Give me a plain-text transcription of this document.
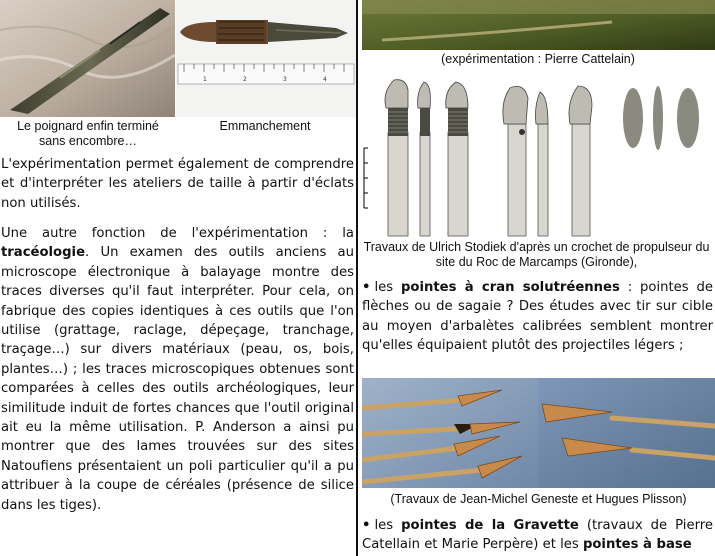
1	2	3	4
Le poignard enfin terminé sans encombre…
Emmanchement

L'expérimentation permet également de comprendre et d'interpréter les ateliers de taille à partir d'éclats non utilisés.

Une autre fonction de l'expérimentation : la tracéologie. Un examen des outils anciens au microscope électronique à balayage montre des traces diverses qu'il faut interpréter. Pour cela, on fabrique des copies identiques à ces outils que l'on utilise (grattage, raclage, dépeçage, tranchage, traçage…) sur divers matériaux (peau, os, bois, plantes…) ; les traces microscopiques obtenues sont comparées à celles des outils archéologiques, leur similitude induit de fortes chances que l'outil original ait eu la même utilisation. P. Anderson a ainsi pu montrer que des lames trouvées sur des sites Natoufiens présentaient un poli particulier qu'il a pu attribuer à la coupe de céréales (présence de silice dans les tiges).

(expérimentation : Pierre Cattelain)
Travaux de Ulrich Stodiek d'après un crochet de propulseur du site du Roc de Marcamps (Gironde),

• les pointes à cran solutréennes : pointes de flèches ou de sagaie ? Des études avec tir sur cible au moyen d'arbalètes calibrées semblent montrer qu'elles équipaient plutôt des projectiles légers ;

(Travaux de Jean-Michel Geneste et Hugues Plisson)

• les pointes de la Gravette (travaux de Pierre Catellain et Marie Perpère) et les pointes à base
